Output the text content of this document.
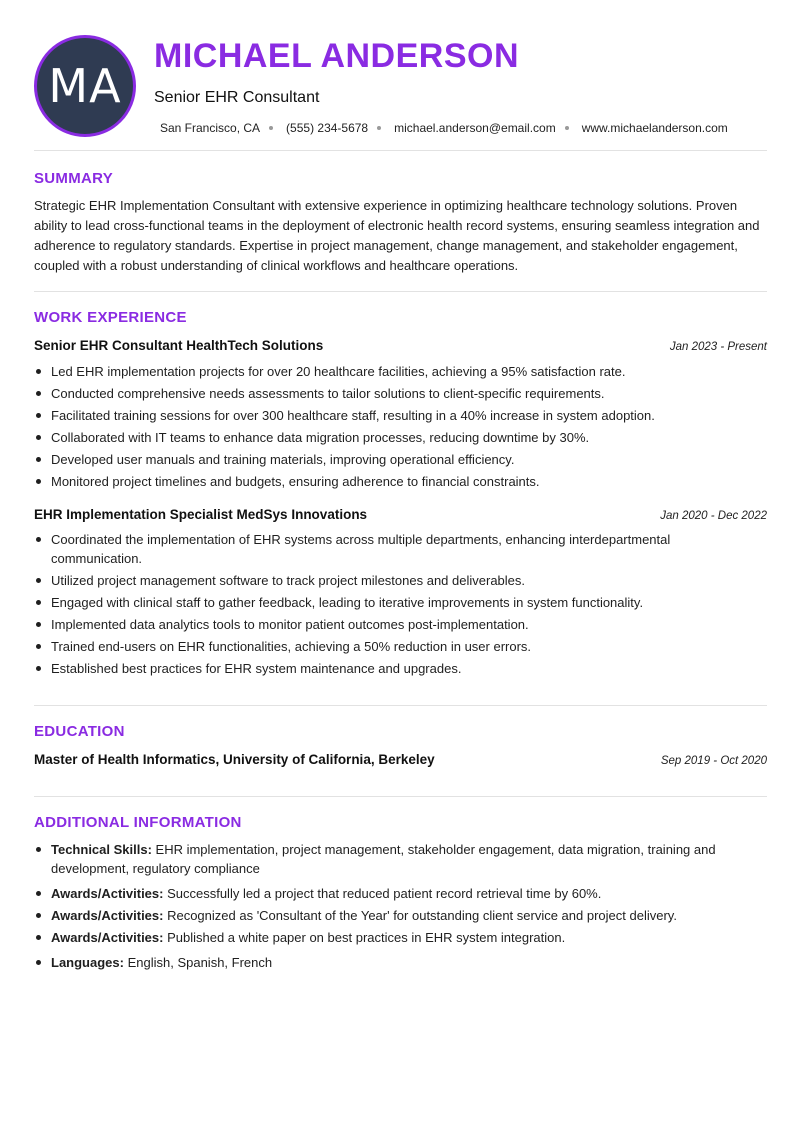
MA
MICHAEL ANDERSON
Senior EHR Consultant
San Francisco, CA (555) 234-5678 michael.anderson@email.com www.michaelanderson.com
SUMMARY

Strategic EHR Implementation Consultant with extensive experience in optimizing healthcare technology solutions. Proven ability to lead cross-functional teams in the deployment of electronic health record systems, ensuring seamless integration and adherence to regulatory standards. Expertise in project management, change management, and stakeholder engagement, coupled with a robust understanding of clinical workflows and healthcare operations.

WORK EXPERIENCE
Senior EHR Consultant HealthTech Solutions	Jan 2023 - Present
Led EHR implementation projects for over 20 healthcare facilities, achieving a 95% satisfaction rate.
Conducted comprehensive needs assessments to tailor solutions to client-specific requirements.
Facilitated training sessions for over 300 healthcare staff, resulting in a 40% increase in system adoption.
Collaborated with IT teams to enhance data migration processes, reducing downtime by 30%.
Developed user manuals and training materials, improving operational efficiency.
Monitored project timelines and budgets, ensuring adherence to financial constraints.
EHR Implementation Specialist MedSys Innovations	Jan 2020 - Dec 2022
Coordinated the implementation of EHR systems across multiple departments, enhancing interdepartmental communication.
Utilized project management software to track project milestones and deliverables.
Engaged with clinical staff to gather feedback, leading to iterative improvements in system functionality.
Implemented data analytics tools to monitor patient outcomes post-implementation.
Trained end-users on EHR functionalities, achieving a 50% reduction in user errors.
Established best practices for EHR system maintenance and upgrades.
EDUCATION
Master of Health Informatics, University of California, Berkeley	Sep 2019 - Oct 2020
ADDITIONAL INFORMATION
Technical Skills: EHR implementation, project management, stakeholder engagement, data migration, training and development, regulatory compliance
Awards/Activities: Successfully led a project that reduced patient record retrieval time by 60%.
Awards/Activities: Recognized as 'Consultant of the Year' for outstanding client service and project delivery.
Awards/Activities: Published a white paper on best practices in EHR system integration.
Languages: English, Spanish, French
